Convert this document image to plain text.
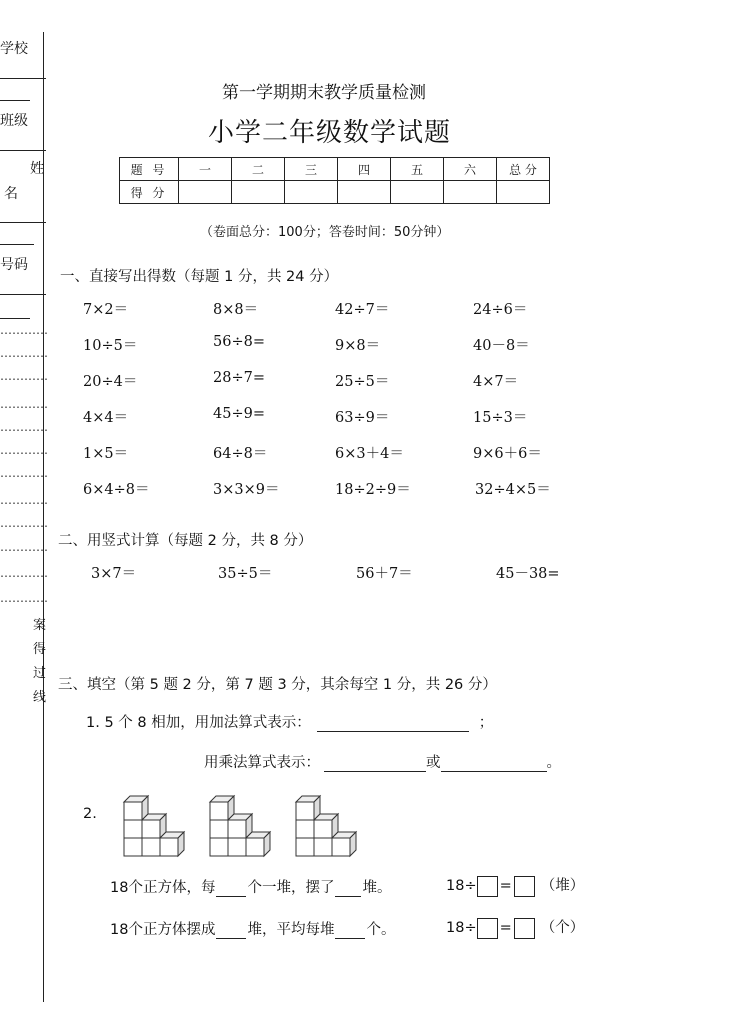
学校
班级
姓
名
号码
…………
…………
…………
…………
…………
…………
…………
…………
…………
…………
…………
…………
案
得
过
线
第一学期期末教学质量检测
小学二年级数学试题
题 号	一	二	三	四	五	六	总 分
得 分							
（卷面总分：100分；答卷时间：50分钟）
一、直接写出得数（每题 1 分，共 24 分）
7×2＝	8×8＝	42÷7＝	24÷6＝
10÷5＝	56÷8=	9×8＝	40－8＝
20÷4＝	28÷7=	25÷5＝	4×7＝
4×4＝	45÷9=	63÷9＝	15÷3＝
1×5＝	64÷8＝	6×3＋4＝	9×6＋6＝
6×4÷8＝	3×3×9＝	18÷2÷9＝	32÷4×5＝
二、用竖式计算（每题 2 分，共 8 分）
3×7＝	35÷5＝	56＋7＝	45－38=
三、填空（第 5 题 2 分，第 7 题 3 分，其余每空 1 分，共 26 分）
1. 5 个 8 相加，用加法算式表示：	；
用乘法算式表示：	或	。
2.
18个正方体，每 个一堆，摆了 堆。	18÷ = （堆）
18个正方体摆成 堆，平均每堆 个。	18÷ = （个）
